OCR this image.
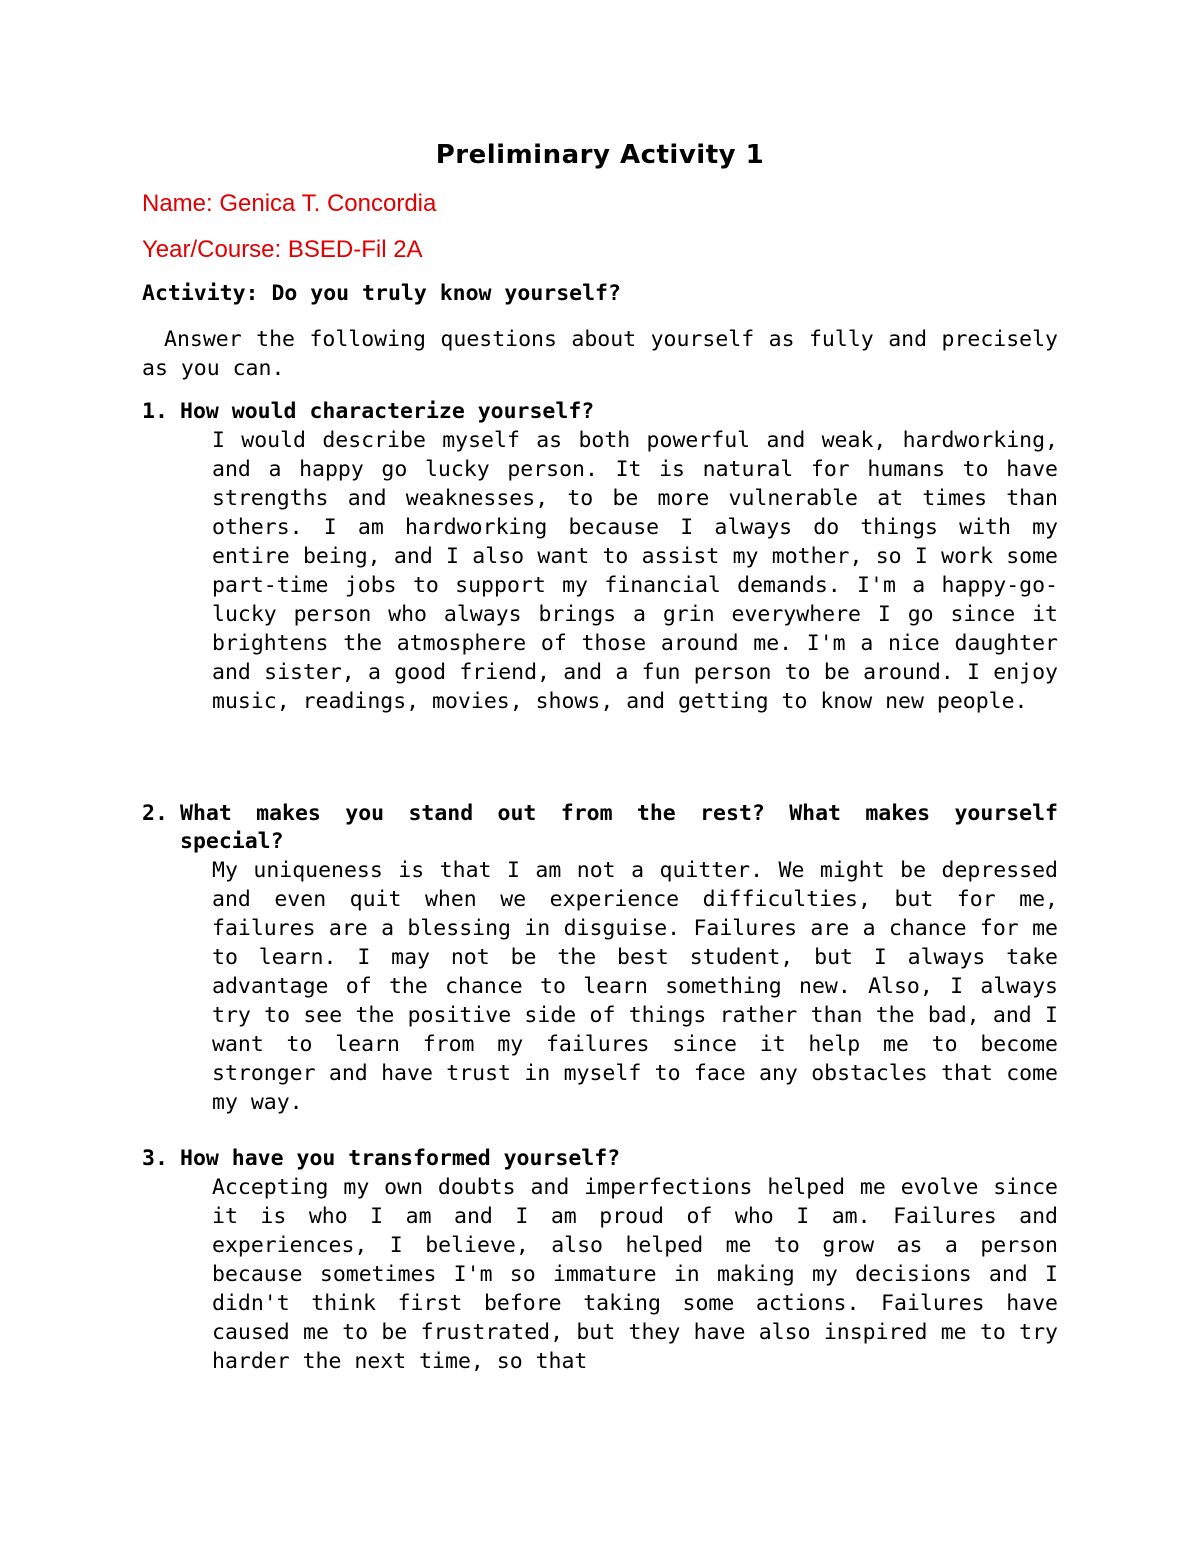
Preliminary Activity 1
Name: Genica T. Concordia
Year/Course: BSED-Fil 2A
Activity: Do you truly know yourself?
Answer the following questions about yourself as fully and precisely as you can.
1. How would characterize yourself?
I would describe myself as both powerful and weak, hardworking, and a happy go lucky person. It is natural for humans to have strengths and weaknesses, to be more vulnerable at times than others. I am hardworking because I always do things with my entire being, and I also want to assist my mother, so I work some part-time jobs to support my financial demands. I'm a happy-go-lucky person who always brings a grin everywhere I go since it brightens the atmosphere of those around me. I'm a nice daughter and sister, a good friend, and a fun person to be around. I enjoy music, readings, movies, shows, and getting to know new people.
2. What makes you stand out from the rest? What makes yourself special?
My uniqueness is that I am not a quitter. We might be depressed and even quit when we experience difficulties, but for me, failures are a blessing in disguise. Failures are a chance for me to learn. I may not be the best student, but I always take advantage of the chance to learn something new. Also, I always try to see the positive side of things rather than the bad, and I want to learn from my failures since it help me to become stronger and have trust in myself to face any obstacles that come my way.
3. How have you transformed yourself?
Accepting my own doubts and imperfections helped me evolve since it is who I am and I am proud of who I am. Failures and experiences, I believe, also helped me to grow as a person because sometimes I'm so immature in making my decisions and I didn't think first before taking some actions. Failures have caused me to be frustrated, but they have also inspired me to try harder the next time, so that
